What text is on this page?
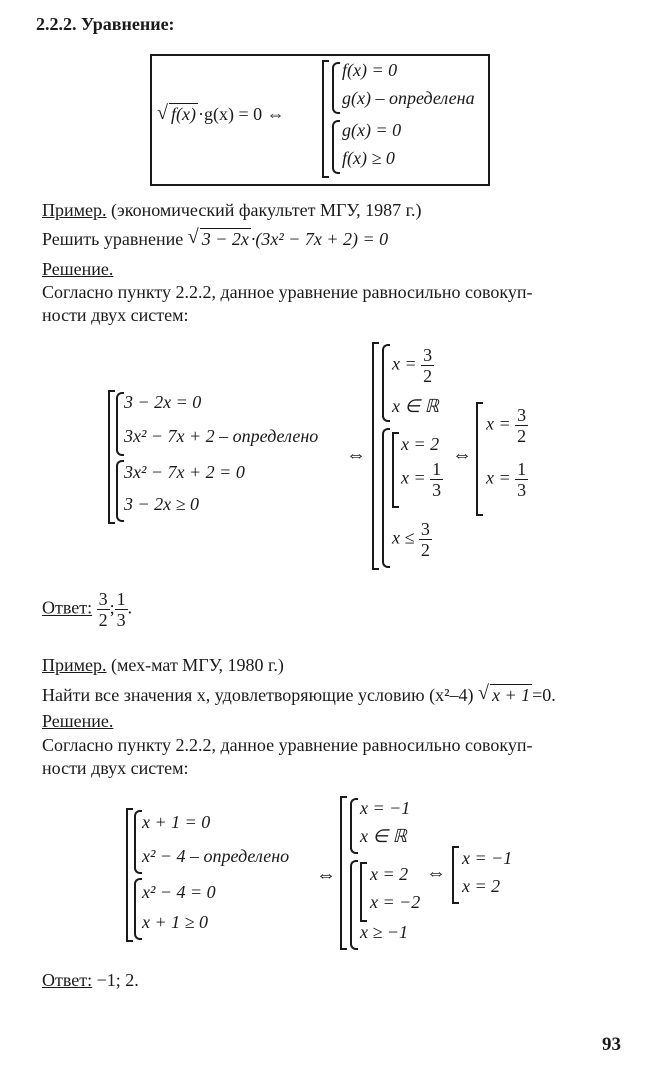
2.2.2. Уравнение:
√ f(x) ·g(x) = 0 ⇔
f(x) = 0
g(x) – определена
g(x) = 0
f(x) ≥ 0
Пример. (экономический факультет МГУ, 1987 г.)
Решить уравнение √ 3 − 2x ·(3x² − 7x + 2) = 0
Решение.
Согласно пункту 2.2.2, данное уравнение равносильно совокуп-
ности двух систем:
3 − 2x = 0
3x² − 7x + 2 – определено
3x² − 7x + 2 = 0
3 − 2x ≥ 0
⇔
$x = \frac{3}{2}$
x ∈ ℝ
x = 2
$x = \frac{1}{3}$
$x \le \frac{3}{2}$
⇔
$x = \frac{3}{2}$
$x = \frac{1}{3}$
Ответ: $\frac{3}{2}$ ; $\frac{1}{3}$ .
Пример. (мех-мат МГУ, 1980 г.)
Найти все значения x, удовлетворяющие условию (x²–4) √ x + 1 =0.
Решение.
Согласно пункту 2.2.2, данное уравнение равносильно совокуп-
ности двух систем:
x + 1 = 0
x² − 4 – определено
x² − 4 = 0
x + 1 ≥ 0
⇔
x = −1
x ∈ ℝ
x = 2
x = −2
x ≥ −1
⇔
x = −1
x = 2
Ответ: −1; 2.
93
